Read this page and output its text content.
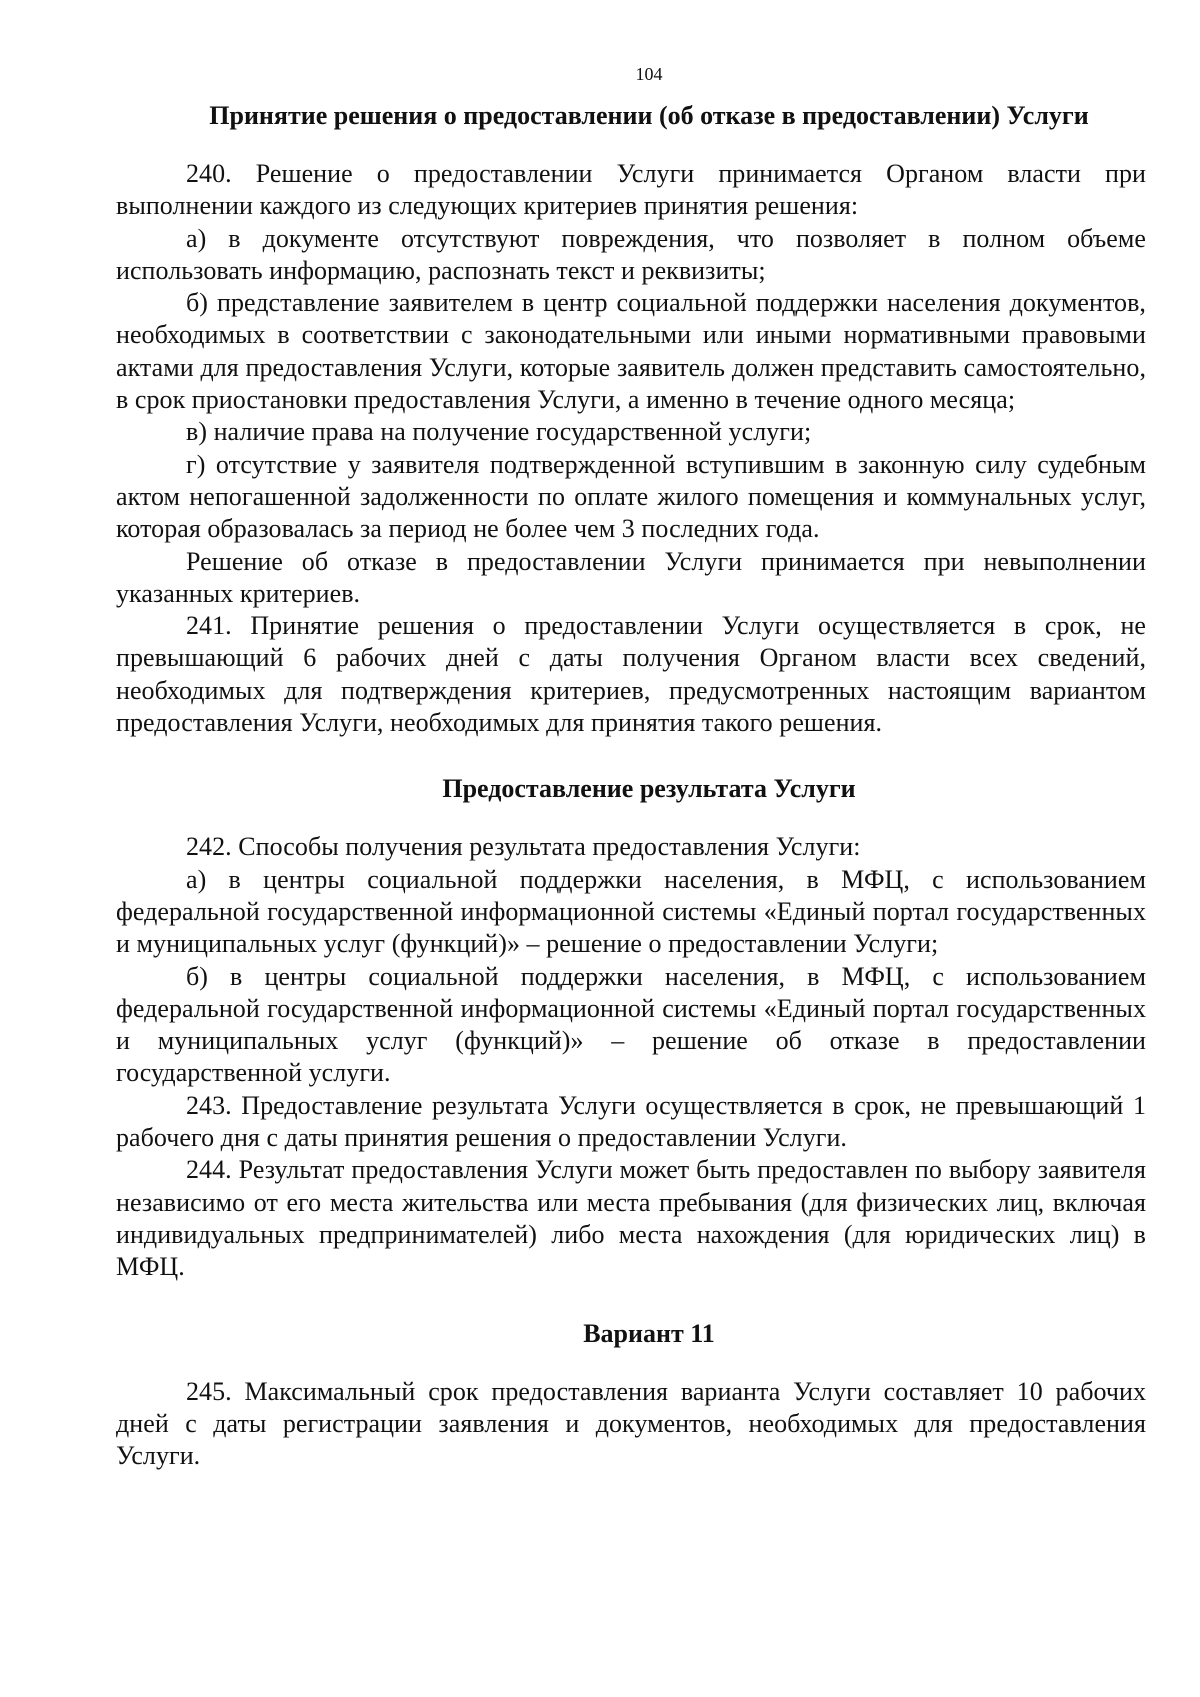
104
Принятие решения о предоставлении (об отказе в предоставлении) Услуги

240. Решение о предоставлении Услуги принимается Органом власти при выполнении каждого из следующих критериев принятия решения:

а) в документе отсутствуют повреждения, что позволяет в полном объеме использовать информацию, распознать текст и реквизиты;

б) представление заявителем в центр социальной поддержки населения документов, необходимых в соответствии с законодательными или иными нормативными правовыми актами для предоставления Услуги, которые заявитель должен представить самостоятельно, в срок приостановки предоставления Услуги, а именно в течение одного месяца;

в) наличие права на получение государственной услуги;

г) отсутствие у заявителя подтвержденной вступившим в законную силу судебным актом непогашенной задолженности по оплате жилого помещения и коммунальных услуг, которая образовалась за период не более чем 3 последних года.

Решение об отказе в предоставлении Услуги принимается при невыполнении указанных критериев.

241. Принятие решения о предоставлении Услуги осуществляется в срок, не превышающий 6 рабочих дней с даты получения Органом власти всех сведений, необходимых для подтверждения критериев, предусмотренных настоящим вариантом предоставления Услуги, необходимых для принятия такого решения.

Предоставление результата Услуги

242. Способы получения результата предоставления Услуги:

а) в центры социальной поддержки населения, в МФЦ, с использованием федеральной государственной информационной системы «Единый портал государственных и муниципальных услуг (функций)» – решение о предоставлении Услуги;

б) в центры социальной поддержки населения, в МФЦ, с использованием федеральной государственной информационной системы «Единый портал государственных и муниципальных услуг (функций)» – решение об отказе в предоставлении государственной услуги.

243. Предоставление результата Услуги осуществляется в срок, не превышающий 1 рабочего дня с даты принятия решения о предоставлении Услуги.

244. Результат предоставления Услуги может быть предоставлен по выбору заявителя независимо от его места жительства или места пребывания (для физических лиц, включая индивидуальных предпринимателей) либо места нахождения (для юридических лиц) в МФЦ.

Вариант 11

245. Максимальный срок предоставления варианта Услуги составляет 10 рабочих дней с даты регистрации заявления и документов, необходимых для предоставления Услуги.
